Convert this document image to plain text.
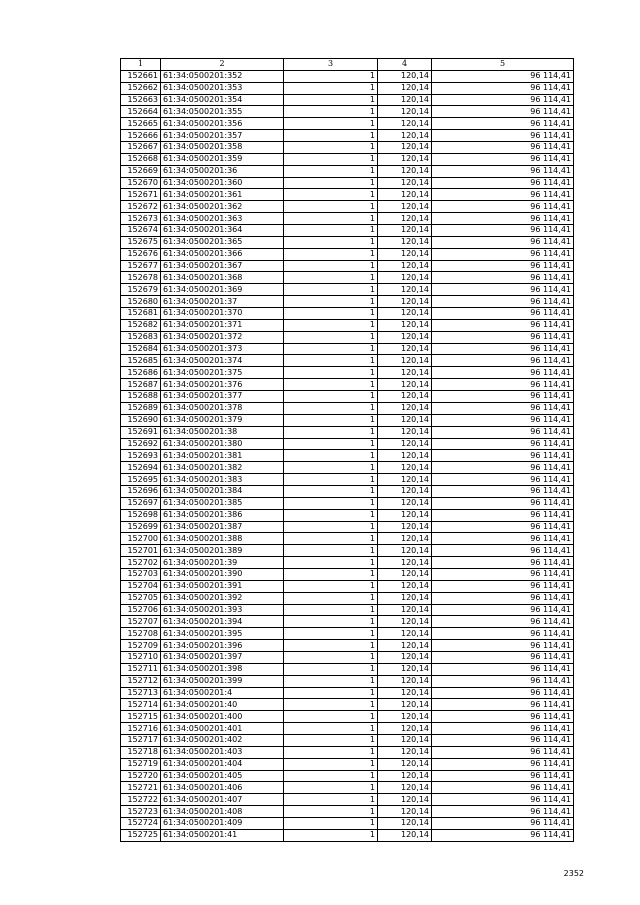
1	2	3	4	5
152661	61:34:0500201:352	1	120,14	96 114,41
152662	61:34:0500201:353	1	120,14	96 114,41
152663	61:34:0500201:354	1	120,14	96 114,41
152664	61:34:0500201:355	1	120,14	96 114,41
152665	61:34:0500201:356	1	120,14	96 114,41
152666	61:34:0500201:357	1	120,14	96 114,41
152667	61:34:0500201:358	1	120,14	96 114,41
152668	61:34:0500201:359	1	120,14	96 114,41
152669	61:34:0500201:36	1	120,14	96 114,41
152670	61:34:0500201:360	1	120,14	96 114,41
152671	61:34:0500201:361	1	120,14	96 114,41
152672	61:34:0500201:362	1	120,14	96 114,41
152673	61:34:0500201:363	1	120,14	96 114,41
152674	61:34:0500201:364	1	120,14	96 114,41
152675	61:34:0500201:365	1	120,14	96 114,41
152676	61:34:0500201:366	1	120,14	96 114,41
152677	61:34:0500201:367	1	120,14	96 114,41
152678	61:34:0500201:368	1	120,14	96 114,41
152679	61:34:0500201:369	1	120,14	96 114,41
152680	61:34:0500201:37	1	120,14	96 114,41
152681	61:34:0500201:370	1	120,14	96 114,41
152682	61:34:0500201:371	1	120,14	96 114,41
152683	61:34:0500201:372	1	120,14	96 114,41
152684	61:34:0500201:373	1	120,14	96 114,41
152685	61:34:0500201:374	1	120,14	96 114,41
152686	61:34:0500201:375	1	120,14	96 114,41
152687	61:34:0500201:376	1	120,14	96 114,41
152688	61:34:0500201:377	1	120,14	96 114,41
152689	61:34:0500201:378	1	120,14	96 114,41
152690	61:34:0500201:379	1	120,14	96 114,41
152691	61:34:0500201:38	1	120,14	96 114,41
152692	61:34:0500201:380	1	120,14	96 114,41
152693	61:34:0500201:381	1	120,14	96 114,41
152694	61:34:0500201:382	1	120,14	96 114,41
152695	61:34:0500201:383	1	120,14	96 114,41
152696	61:34:0500201:384	1	120,14	96 114,41
152697	61:34:0500201:385	1	120,14	96 114,41
152698	61:34:0500201:386	1	120,14	96 114,41
152699	61:34:0500201:387	1	120,14	96 114,41
152700	61:34:0500201:388	1	120,14	96 114,41
152701	61:34:0500201:389	1	120,14	96 114,41
152702	61:34:0500201:39	1	120,14	96 114,41
152703	61:34:0500201:390	1	120,14	96 114,41
152704	61:34:0500201:391	1	120,14	96 114,41
152705	61:34:0500201:392	1	120,14	96 114,41
152706	61:34:0500201:393	1	120,14	96 114,41
152707	61:34:0500201:394	1	120,14	96 114,41
152708	61:34:0500201:395	1	120,14	96 114,41
152709	61:34:0500201:396	1	120,14	96 114,41
152710	61:34:0500201:397	1	120,14	96 114,41
152711	61:34:0500201:398	1	120,14	96 114,41
152712	61:34:0500201:399	1	120,14	96 114,41
152713	61:34:0500201:4	1	120,14	96 114,41
152714	61:34:0500201:40	1	120,14	96 114,41
152715	61:34:0500201:400	1	120,14	96 114,41
152716	61:34:0500201:401	1	120,14	96 114,41
152717	61:34:0500201:402	1	120,14	96 114,41
152718	61:34:0500201:403	1	120,14	96 114,41
152719	61:34:0500201:404	1	120,14	96 114,41
152720	61:34:0500201:405	1	120,14	96 114,41
152721	61:34:0500201:406	1	120,14	96 114,41
152722	61:34:0500201:407	1	120,14	96 114,41
152723	61:34:0500201:408	1	120,14	96 114,41
152724	61:34:0500201:409	1	120,14	96 114,41
152725	61:34:0500201:41	1	120,14	96 114,41
2352
